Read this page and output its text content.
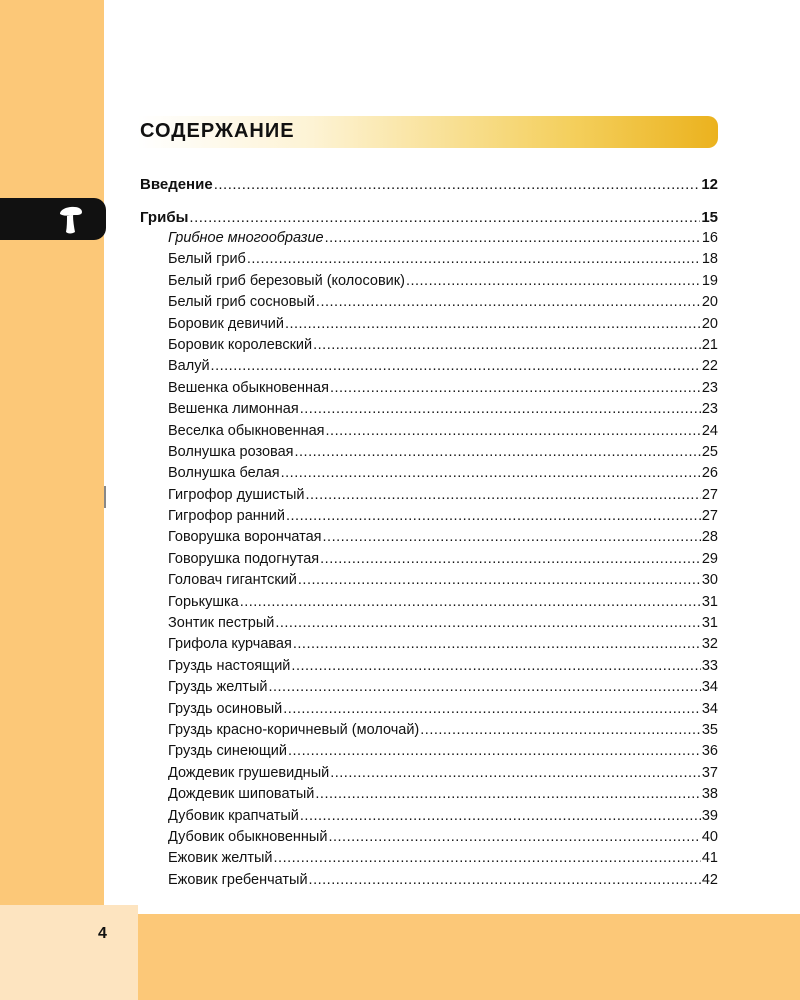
4
СОДЕРЖАНИЕ
Введение .....	12
Грибы .....	15
Грибное многообразие .....	16
Белый гриб .....	18
Белый гриб березовый (колосовик) .....	19
Белый гриб сосновый .....	20
Боровик девичий .....	20
Боровик королевский .....	21
Валуй .....	22
Вешенка обыкновенная .....	23
Вешенка лимонная .....	23
Веселка обыкновенная .....	24
Волнушка розовая .....	25
Волнушка белая .....	26
Гигрофор душистый .....	27
Гигрофор ранний .....	27
Говорушка ворончатая .....	28
Говорушка подогнутая .....	29
Головач гигантский .....	30
Горькушка .....	31
Зонтик пестрый .....	31
Грифола курчавая .....	32
Груздь настоящий .....	33
Груздь желтый .....	34
Груздь осиновый .....	34
Груздь красно-коричневый (молочай) .....	35
Груздь синеющий .....	36
Дождевик грушевидный .....	37
Дождевик шиповатый .....	38
Дубовик крапчатый .....	39
Дубовик обыкновенный .....	40
Ежовик желтый .....	41
Ежовик гребенчатый .....	42
